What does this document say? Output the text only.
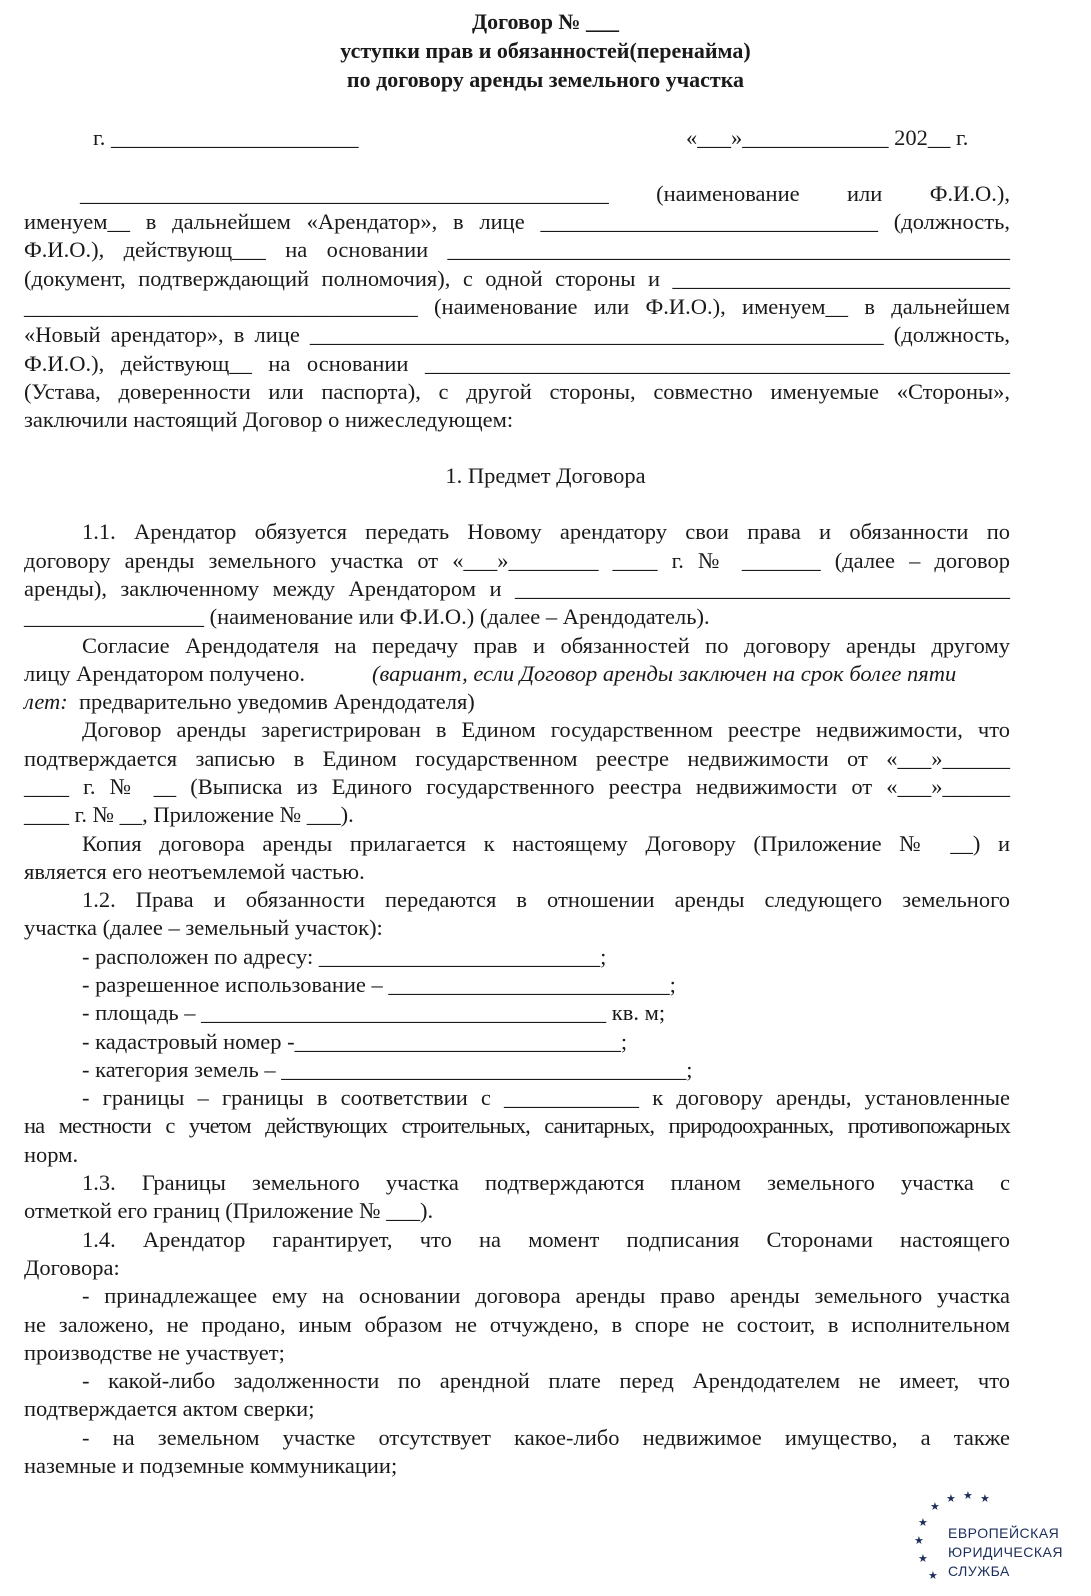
Договор № ___
уступки прав и обязанностей(перенайма)
по договору аренды земельного участка
г. ______________________	«___»_____________ 202__ г.
_______________________________________________ (наименование или Ф.И.О.),
именуем__ в дальнейшем «Арендатор», в лице ______________________________ (должность,
Ф.И.О.), действующ___ на основании __________________________________________________
(документ, подтверждающий полномочия), с одной стороны и ______________________________
___________________________________ (наименование или Ф.И.О.), именуем__ в дальнейшем
«Новый арендатор», в лице ___________________________________________________ (должность,
Ф.И.О.), действующ__ на основании ____________________________________________________
(Устава, доверенности или паспорта), с другой стороны, совместно именуемые «Стороны»,
заключили настоящий Договор о нижеследующем:
1. Предмет Договора
1.1. Арендатор обязуется передать Новому арендатору свои права и обязанности по
договору аренды земельного участка от «___»________ ____ г. № _______ (далее – договор
аренды), заключенному между Арендатором и ____________________________________________
________________ (наименование или Ф.И.О.) (далее – Арендодатель).
Согласие Арендодателя на передачу прав и обязанностей по договору аренды другому
лицу Арендатором получено.	(вариант, если Договор аренды заключен на срок более пяти
лет: предварительно уведомив Арендодателя)
Договор аренды зарегистрирован в Едином государственном реестре недвижимости, что
подтверждается записью в Едином государственном реестре недвижимости от «___»______
____ г. № __ (Выписка из Единого государственного реестра недвижимости от «___»______
____ г. № __, Приложение № ___).
Копия договора аренды прилагается к настоящему Договору (Приложение № __) и
является его неотъемлемой частью.
1.2. Права и обязанности передаются в отношении аренды следующего земельного
участка (далее – земельный участок):
- расположен по адресу: _________________________;
- разрешенное использование – _________________________;
- площадь – ____________________________________ кв. м;
- кадастровый номер -_____________________________;
- категория земель – ____________________________________;
- границы – границы в соответствии с ____________ к договору аренды, установленные
на местности с учетом действующих строительных, санитарных, природоохранных, противопожарных
норм.
1.3. Границы земельного участка подтверждаются планом земельного участка с
отметкой его границ (Приложение № ___).
1.4. Арендатор гарантирует, что на момент подписания Сторонами настоящего
Договора:
- принадлежащее ему на основании договора аренды право аренды земельного участка
не заложено, не продано, иным образом не отчуждено, в споре не состоит, в исполнительном
производстве не участвует;
- какой-либо задолженности по арендной плате перед Арендодателем не имеет, что
подтверждается актом сверки;
- на земельном участке отсутствует какое-либо недвижимое имущество, а также
наземные и подземные коммуникации;
★
★ ★ ★
★
★
★
★
ЕВРОПЕЙСКАЯ
ЮРИДИЧЕСКАЯ
СЛУЖБА
